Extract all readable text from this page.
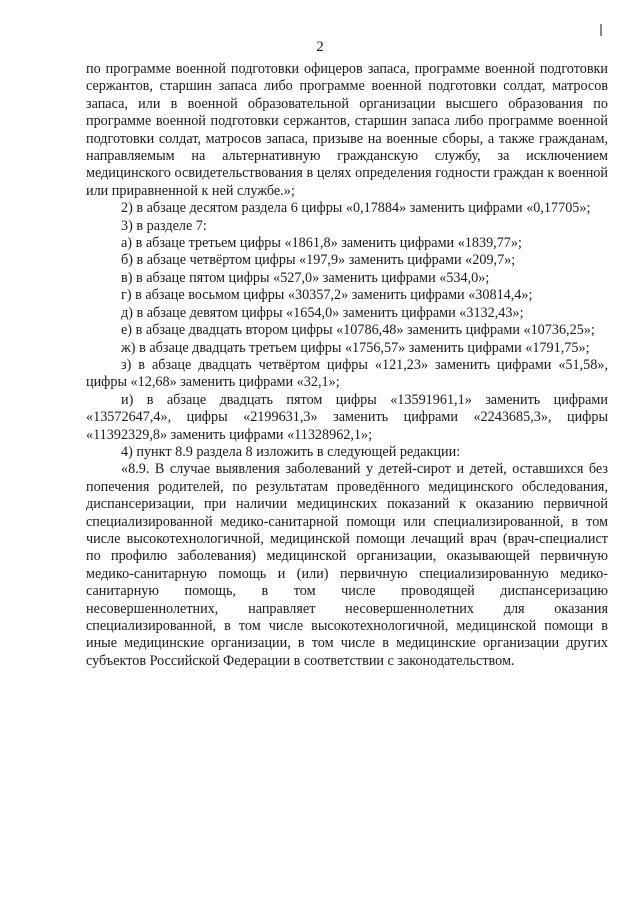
2

по программе военной подготовки офицеров запаса, программе военной подготовки сержантов, старшин запаса либо программе военной подготовки солдат, матросов запаса, или в военной образовательной организации высшего образования по программе военной подготовки сержантов, старшин запаса либо программе военной подготовки солдат, матросов запаса, призыве на военные сборы, а также гражданам, направляемым на альтернативную гражданскую службу, за исключением медицинского освидетельствования в целях определения годности граждан к военной или приравненной к ней службе.»;

2) в абзаце десятом раздела 6 цифры «0,17884» заменить цифрами «0,17705»;

3) в разделе 7:

а) в абзаце третьем цифры «1861,8» заменить цифрами «1839,77»;

б) в абзаце четвёртом цифры «197,9» заменить цифрами «209,7»;

в) в абзаце пятом цифры «527,0» заменить цифрами «534,0»;

г) в абзаце восьмом цифры «30357,2» заменить цифрами «30814,4»;

д) в абзаце девятом цифры «1654,0» заменить цифрами «3132,43»;

е) в абзаце двадцать втором цифры «10786,48» заменить цифрами «10736,25»;

ж) в абзаце двадцать третьем цифры «1756,57» заменить цифрами «1791,75»;

з) в абзаце двадцать четвёртом цифры «121,23» заменить цифрами «51,58», цифры «12,68» заменить цифрами «32,1»;

и) в абзаце двадцать пятом цифры «13591961,1» заменить цифрами «13572647,4», цифры «2199631,3» заменить цифрами «2243685,3», цифры «11392329,8» заменить цифрами «11328962,1»;

4) пункт 8.9 раздела 8 изложить в следующей редакции:

«8.9. В случае выявления заболеваний у детей-сирот и детей, оставшихся без попечения родителей, по результатам проведённого медицинского обследования, диспансеризации, при наличии медицинских показаний к оказанию первичной специализированной медико-санитарной помощи или специализированной, в том числе высокотехнологичной, медицинской помощи лечащий врач (врач-специалист по профилю заболевания) медицинской организации, оказывающей первичную медико-санитарную помощь и (или) первичную специализированную медико-санитарную помощь, в том числе проводящей диспансеризацию несовершеннолетних, направляет несовершеннолетних для оказания специализированной, в том числе высокотехнологичной, медицинской помощи в иные медицинские организации, в том числе в медицинские организации других субъектов Российской Федерации в соответствии с законодательством.
